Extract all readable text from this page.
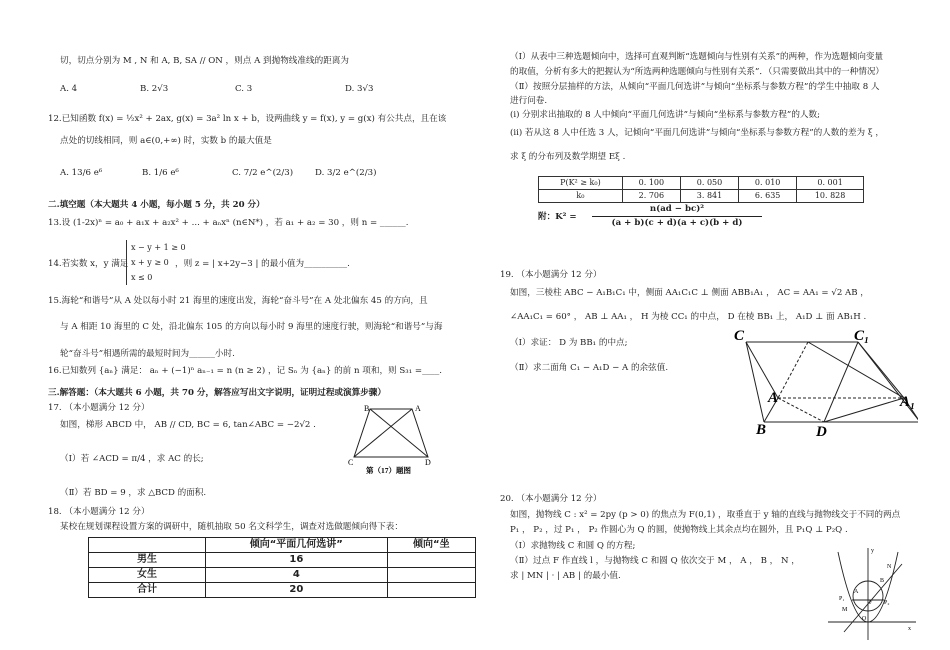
切，切点分别为 M , N 和 A, B, SA // ON ，则点 A 到抛物线准线的距离为
A. 4	B. 2√3	C. 3	D. 3√3
12.已知函数 f(x) = ½x² + 2ax, g(x) = 3a² ln x + b，设两曲线 y = f(x), y = g(x) 有公共点，且在该
点处的切线相同，则 a∈(0,+∞) 时，实数 b 的最大值是
A. 13/6 e⁶	B. 1/6 e⁶	C. 7/2 e^(2/3)	D. 3/2 e^(2/3)
二.填空题（本大题共 4 小题，每小题 5 分，共 20 分）
13.设 (1-2x)ⁿ = a₀ + a₁x + a₂x² + ... + aₙxⁿ (n∈N*) ，若 a₁ + a₂ = 30 ，则 n = ______.
14.若实数 x，y 满足
x − y + 1 ≥ 0
x + y ≥ 0
x ≤ 0
，则 z = | x+2y−3 | 的最小值为__________.
15.海轮“和谐号”从 A 处以每小时 21 海里的速度出发，海轮“奋斗号”在 A 处北偏东 45 的方向，且
与 A 相距 10 海里的 C 处，沿北偏东 105 的方向以每小时 9 海里的速度行驶，则海轮“和谐号”与海
轮“奋斗号”相遇所需的最短时间为______小时.
16.已知数列 {aₙ} 满足： aₙ + (−1)ⁿ aₙ₋₁ = n (n ≥ 2) ，记 Sₙ 为 {aₙ} 的前 n 项和，则 S₃₁ =____.
三.解答题：（本大题共 6 小题，共 70 分，解答应写出文字说明，证明过程或演算步骤）
17. （本小题满分 12 分）
如图，梯形 ABCD 中， AB // CD, BC = 6, tan∠ABC = −2√2 .
（Ⅰ）若 ∠ACD = π/4 ，求 AC 的长;
（Ⅱ）若 BD = 9 ，求 △BCD 的面积.
B	A
C	D
第（17）题图
18. （本小题满分 12 分）
某校在规划课程设置方案的调研中，随机抽取 50 名文科学生，调查对选做题倾向得下表：
	倾向“平面几何选讲”	倾向“坐
男生	16	
女生	4	
合计	20	
（Ⅰ）从表中三种选题倾向中，选择可直观判断“选题倾向与性别有关系”的两种，作为选题倾向变量
的取值，分析有多大的把握认为“所选两种选题倾向与性别有关系”．（只需要做出其中的一种情况）
（Ⅱ）按照分层抽样的方法，从倾向“平面几何选讲”与倾向“坐标系与参数方程”的学生中抽取 8 人
进行问卷.
(ⅰ) 分别求出抽取的 8 人中倾向“平面几何选讲”与倾向“坐标系与参数方程”的人数;
(ⅱ) 若从这 8 人中任选 3 人，记倾向“平面几何选讲”与倾向“坐标系与参数方程”的人数的差为 ξ ，
求 ξ 的分布列及数学期望 Eξ .
P(K² ≥ k₀)	0. 100	0. 050	0. 010	0. 001
k₀	2. 706	3. 841	6. 635	10. 828
附：K² =
n(ad − bc)²
(a + b)(c + d)(a + c)(b + d)
19. （本小题满分 12 分）
如图，三棱柱 ABC − A₁B₁C₁ 中，侧面 AA₁C₁C ⊥ 侧面 ABB₁A₁ ， AC = AA₁ = √2 AB ，
∠AA₁C₁ = 60° ， AB ⊥ AA₁ ， H 为棱 CC₁ 的中点， D 在棱 BB₁ 上， A₁D ⊥ 面 AB₁H .
（Ⅰ）求证： D 为 BB₁ 的中点;
（Ⅱ）求二面角 C₁ − A₁D − A 的余弦值.
C	C₁
A	A₁
B	D
20. （本小题满分 12 分）
如图，抛物线 C : x² = 2py (p > 0) 的焦点为 F(0,1) ，取垂直于 y 轴的直线与抛物线交于不同的两点
P₁ ， P₂ ，过 P₁ ， P₂ 作圆心为 Q 的圆，使抛物线上其余点均在圆外，且 P₁Q ⊥ P₂Q .
（Ⅰ）求抛物线 C 和圆 Q 的方程;
（Ⅱ）过点 F 作直线 l ，与抛物线 C 和圆 Q 依次交于 M ， A ， B ， N ，
求 | MN | · | AB | 的最小值.
y
N
B
A
P₁
F P₂
M
O
x
